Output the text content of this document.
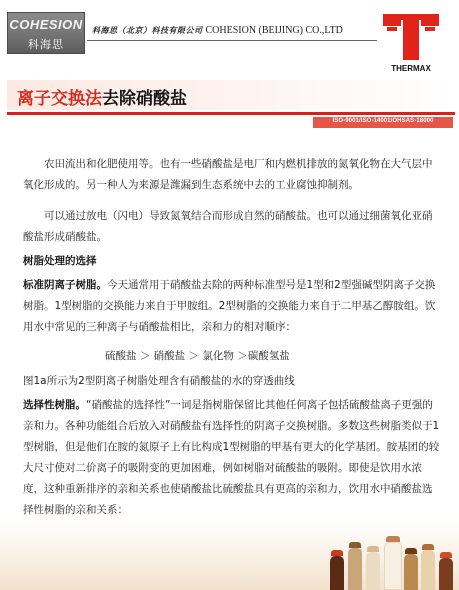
COHESION
科海思
科海思（北京）科技有限公司 COHESION (BEIJING) CO.,LTD
THERMAX
离子交换法去除硝酸盐
ISO-9001/ISO-14001/OHSAS-18000
农田流出和化肥使用等。也有一些硝酸盐是电厂和内燃机排放的氮氧化物在大气层中氧化形成的。另一种人为来源是潍漏到生态系统中去的工业腐蚀抑制剂。
可以通过放电（闪电）导致氮氧结合而形成自然的硝酸盐。也可以通过细菌氧化亚硝酸盐形成硝酸盐。
树脂处理的选择
标准阴离子树脂。今天通常用于硝酸盐去除的两种标准型号是1型和2型强碱型阴离子交换树脂。1型树脂的交换能力来自于甲胺组。2型树脂的交换能力来自于二甲基乙醇胺组。饮用水中常见的三种离子与硝酸盐相比，亲和力的相对顺序：
硫酸盐 ＞ 硝酸盐 ＞ 氯化物 ＞碳酸氢盐
图1a所示为2型阴离子树脂处理含有硝酸盐的水的穿透曲线
选择性树脂。“硝酸盐的选择性”一词是指树脂保留比其他任何离子包括硫酸盐离子更强的亲和力。各种功能组合后放入对硝酸盐有选择性的阴离子交换树脂。多数这些树脂类似于1型树脂，但是他们在胺的氮原子上有比构成1型树脂的甲基有更大的化学基团。胺基团的较大尺寸使对二价离子的吸附变的更加困难，例如树脂对硫酸盐的吸附。即使是饮用水浓度，这种重新排序的亲和关系也使硝酸盐比硫酸盐具有更高的亲和力，饮用水中硝酸盐选择性树脂的亲和关系：
